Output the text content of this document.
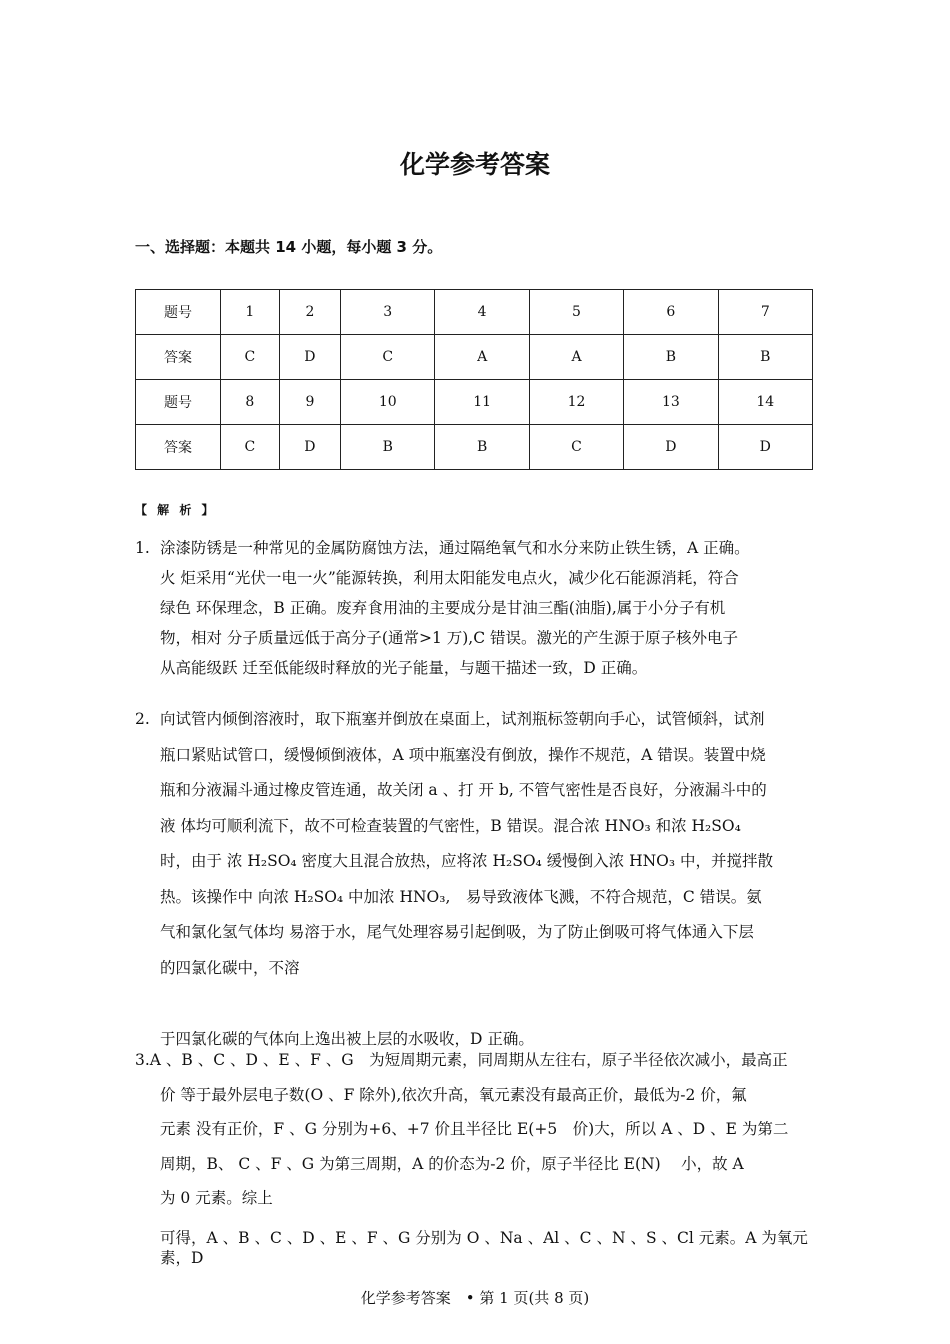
化学参考答案
一、选择题：本题共 14 小题，每小题 3 分。
题号	1	2	3	4	5	6	7
答案	C	D	C	A	A	B	B
题号	8	9	10	11	12	13	14
答案	C	D	B	B	C	D	D
【 解 析 】
1. 涂漆防锈是一种常见的金属防腐蚀方法，通过隔绝氧气和水分来防止铁生锈，A 正确。
火 炬采用“光伏一电一火”能源转换，利用太阳能发电点火，减少化石能源消耗，符合
绿色 环保理念，B 正确。废弃食用油的主要成分是甘油三酯(油脂),属于小分子有机
物，相对 分子质量远低于高分子(通常>1 万),C 错误。激光的产生源于原子核外电子
从高能级跃 迁至低能级时释放的光子能量，与题干描述一致，D 正确。
2. 向试管内倾倒溶液时，取下瓶塞并倒放在桌面上，试剂瓶标签朝向手心，试管倾斜，试剂
瓶口紧贴试管口，缓慢倾倒液体，A 项中瓶塞没有倒放，操作不规范，A 错误。装置中烧
瓶和分液漏斗通过橡皮管连通，故关闭 a 、打 开 b, 不管气密性是否良好，分液漏斗中的
液 体均可顺利流下，故不可检查装置的气密性，B 错误。混合浓 HNO₃ 和浓 H₂SO₄
时，由于 浓 H₂SO₄ 密度大且混合放热，应将浓 H₂SO₄ 缓慢倒入浓 HNO₃ 中，并搅拌散
热。该操作中 向浓 H₂SO₄ 中加浓 HNO₃,　易导致液体飞溅，不符合规范，C 错误。氨
气和氯化氢气体均 易溶于水，尾气处理容易引起倒吸，为了防止倒吸可将气体通入下层
的四氯化碳中，不溶
于四氯化碳的气体向上逸出被上层的水吸收，D 正确。
3.A 、B 、C 、D 、E 、F 、G　为短周期元素，同周期从左往右，原子半径依次减小，最高正
价 等于最外层电子数(O 、F 除外),依次升高，氧元素没有最高正价，最低为-2 价，氟
元素 没有正价，F 、G 分别为+6、+7 价且半径比 E(+5　价)大，所以 A 、D 、E 为第二
周期，B、 C 、F 、G 为第三周期，A 的价态为-2 价，原子半径比 E(N)　 小，故 A
为 0 元素。综上
可得，A 、B 、C 、D 、E 、F 、G 分别为 O 、Na 、Al 、C 、N 、S 、Cl 元素。A 为氧元
素，D
化学参考答案　• 第 1 页(共 8 页)
